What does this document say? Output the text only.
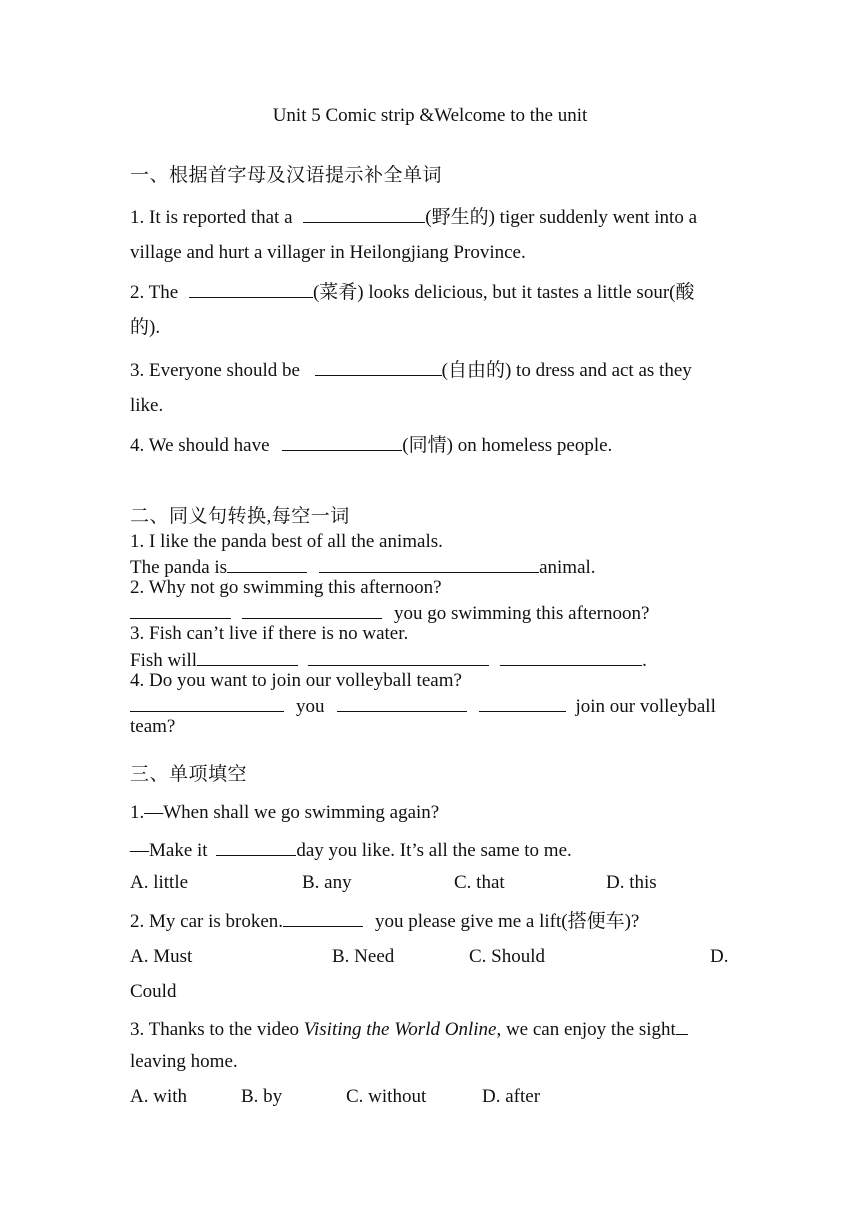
Unit 5 Comic strip &Welcome to the unit
一、根据首字母及汉语提示补全单词
1. It is reported that a	(野生的) tiger suddenly went into a
village and hurt a villager in Heilongjiang Province.
2. The	(菜肴) looks delicious, but it tastes a little sour(酸
的).
3. Everyone should be	(自由的) to dress and act as they
like.
4. We should have	(同情) on homeless people.
二、同义句转换,每空一词
1. I like the panda best of all the animals.
The panda is	animal.
2. Why not go swimming this afternoon?
you go swimming this afternoon?
3. Fish can’t live if there is no water.
Fish will	.
4. Do you want to join our volleyball team?
you	join our volleyball
team?
三、单项填空
1.—When shall we go swimming again?
—Make it	day you like. It’s all the same to me.
A. little	B. any	C. that	D. this
2. My car is broken.	you please give me a lift(搭便车)?
A. Must	B. Need	C. Should	D.
Could
3. Thanks to the video Visiting the World Online, we can enjoy the sight
leaving home.
A. with	B. by	C. without	D. after
